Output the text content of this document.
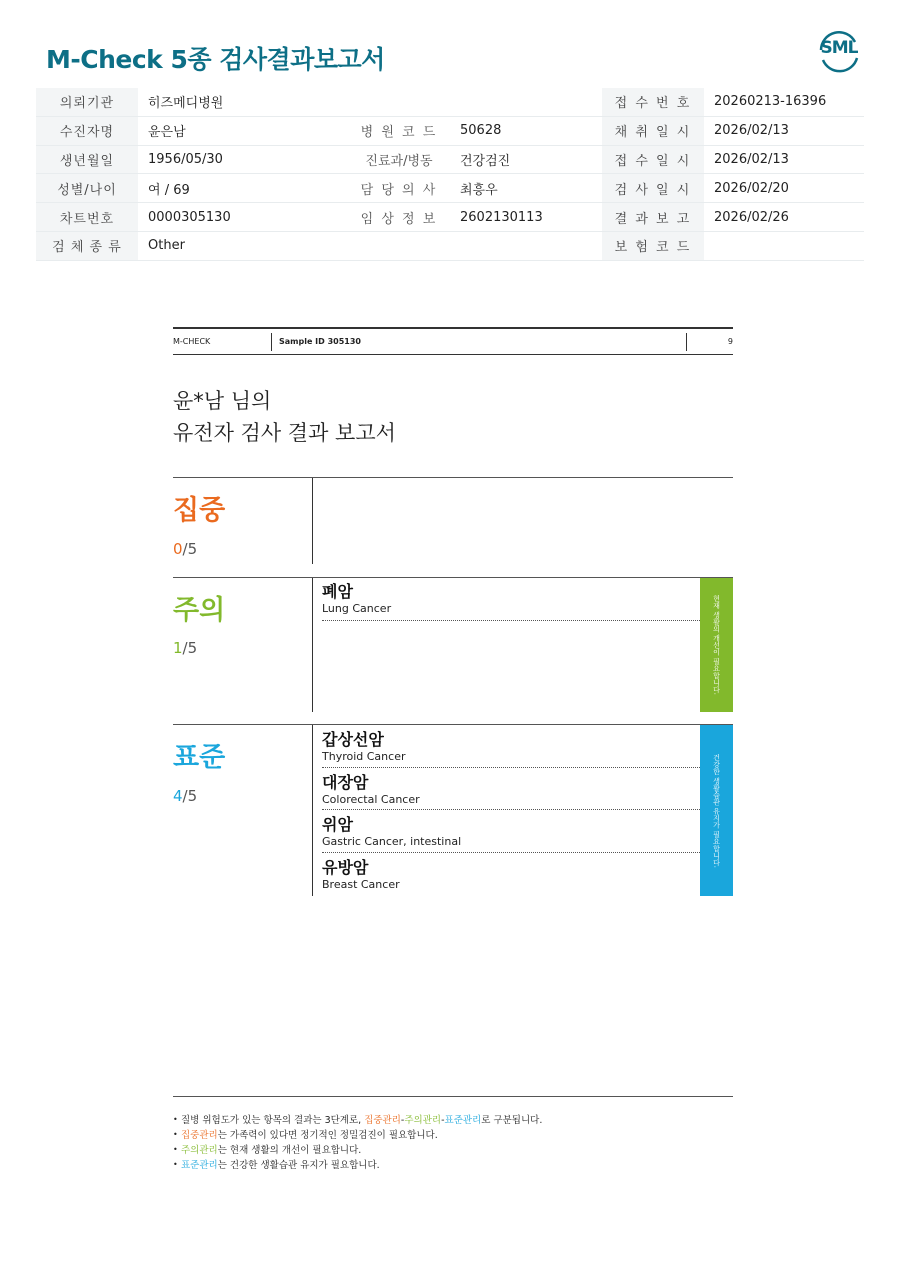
M-Check 5종 검사결과보고서	SML
의뢰기관	히즈메디병원			접 수 번 호	20260213-16396
수진자명	윤은남	병 원 코 드	50628	채 취 일 시	2026/02/13
생년월일	1956/05/30	진료과/병동	건강검진	접 수 일 시	2026/02/13
성별/나이	여 / 69	담 당 의 사	최흥우	검 사 일 시	2026/02/20
차트번호	0000305130	임 상 정 보	2602130113	결 과 보 고	2026/02/26
검 체 종 류	Other			보 험 코 드	
M-CHECK	Sample ID 305130	9
윤*남 님의
유전자 검사 결과 보고서
집중
0/5
주의
1/5
폐암
Lung Cancer	현재 생활의 개선이 필요합니다.
표준
4/5
갑상선암
Thyroid Cancer
대장암
Colorectal Cancer
위암
Gastric Cancer, intestinal
유방암
Breast Cancer
건강한 생활습관 유지가 필요합니다.
• 질병 위험도가 있는 항목의 결과는 3단계로, 집중관리-주의관리-표준관리로 구분됩니다.
• 집중관리는 가족력이 있다면 정기적인 정밀검진이 필요합니다.
• 주의관리는 현재 생활의 개선이 필요합니다.
• 표준관리는 건강한 생활습관 유지가 필요합니다.
